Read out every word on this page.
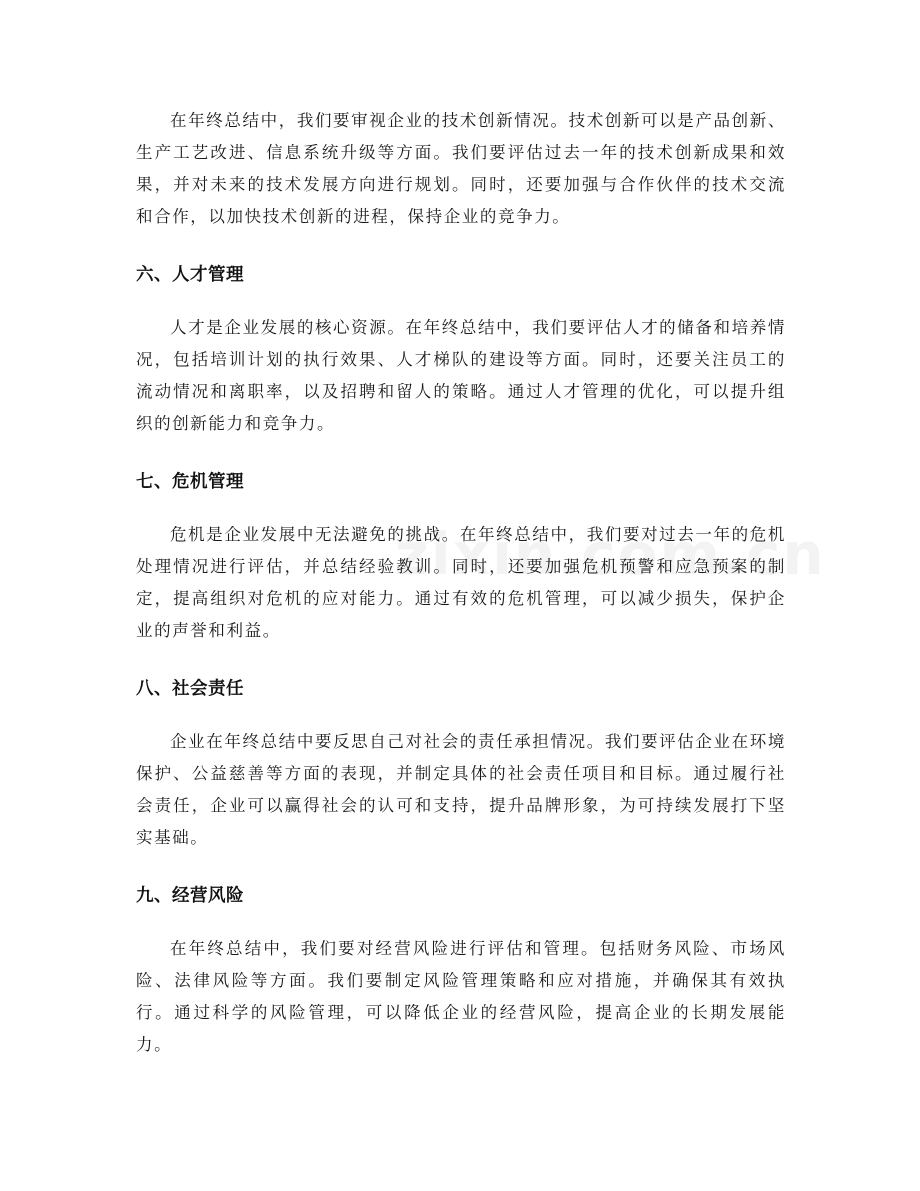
在年终总结中，我们要审视企业的技术创新情况。技术创新可以是产品创新、生产工艺改进、信息系统升级等方面。我们要评估过去一年的技术创新成果和效果，并对未来的技术发展方向进行规划。同时，还要加强与合作伙伴的技术交流和合作，以加快技术创新的进程，保持企业的竞争力。

六、人才管理

人才是企业发展的核心资源。在年终总结中，我们要评估人才的储备和培养情况，包括培训计划的执行效果、人才梯队的建设等方面。同时，还要关注员工的流动情况和离职率，以及招聘和留人的策略。通过人才管理的优化，可以提升组织的创新能力和竞争力。

七、危机管理

危机是企业发展中无法避免的挑战。在年终总结中，我们要对过去一年的危机处理情况进行评估，并总结经验教训。同时，还要加强危机预警和应急预案的制定，提高组织对危机的应对能力。通过有效的危机管理，可以减少损失，保护企业的声誉和利益。

八、社会责任

企业在年终总结中要反思自己对社会的责任承担情况。我们要评估企业在环境保护、公益慈善等方面的表现，并制定具体的社会责任项目和目标。通过履行社会责任，企业可以赢得社会的认可和支持，提升品牌形象，为可持续发展打下坚实基础。

九、经营风险

在年终总结中，我们要对经营风险进行评估和管理。包括财务风险、市场风险、法律风险等方面。我们要制定风险管理策略和应对措施，并确保其有效执行。通过科学的风险管理，可以降低企业的经营风险，提高企业的长期发展能力。
